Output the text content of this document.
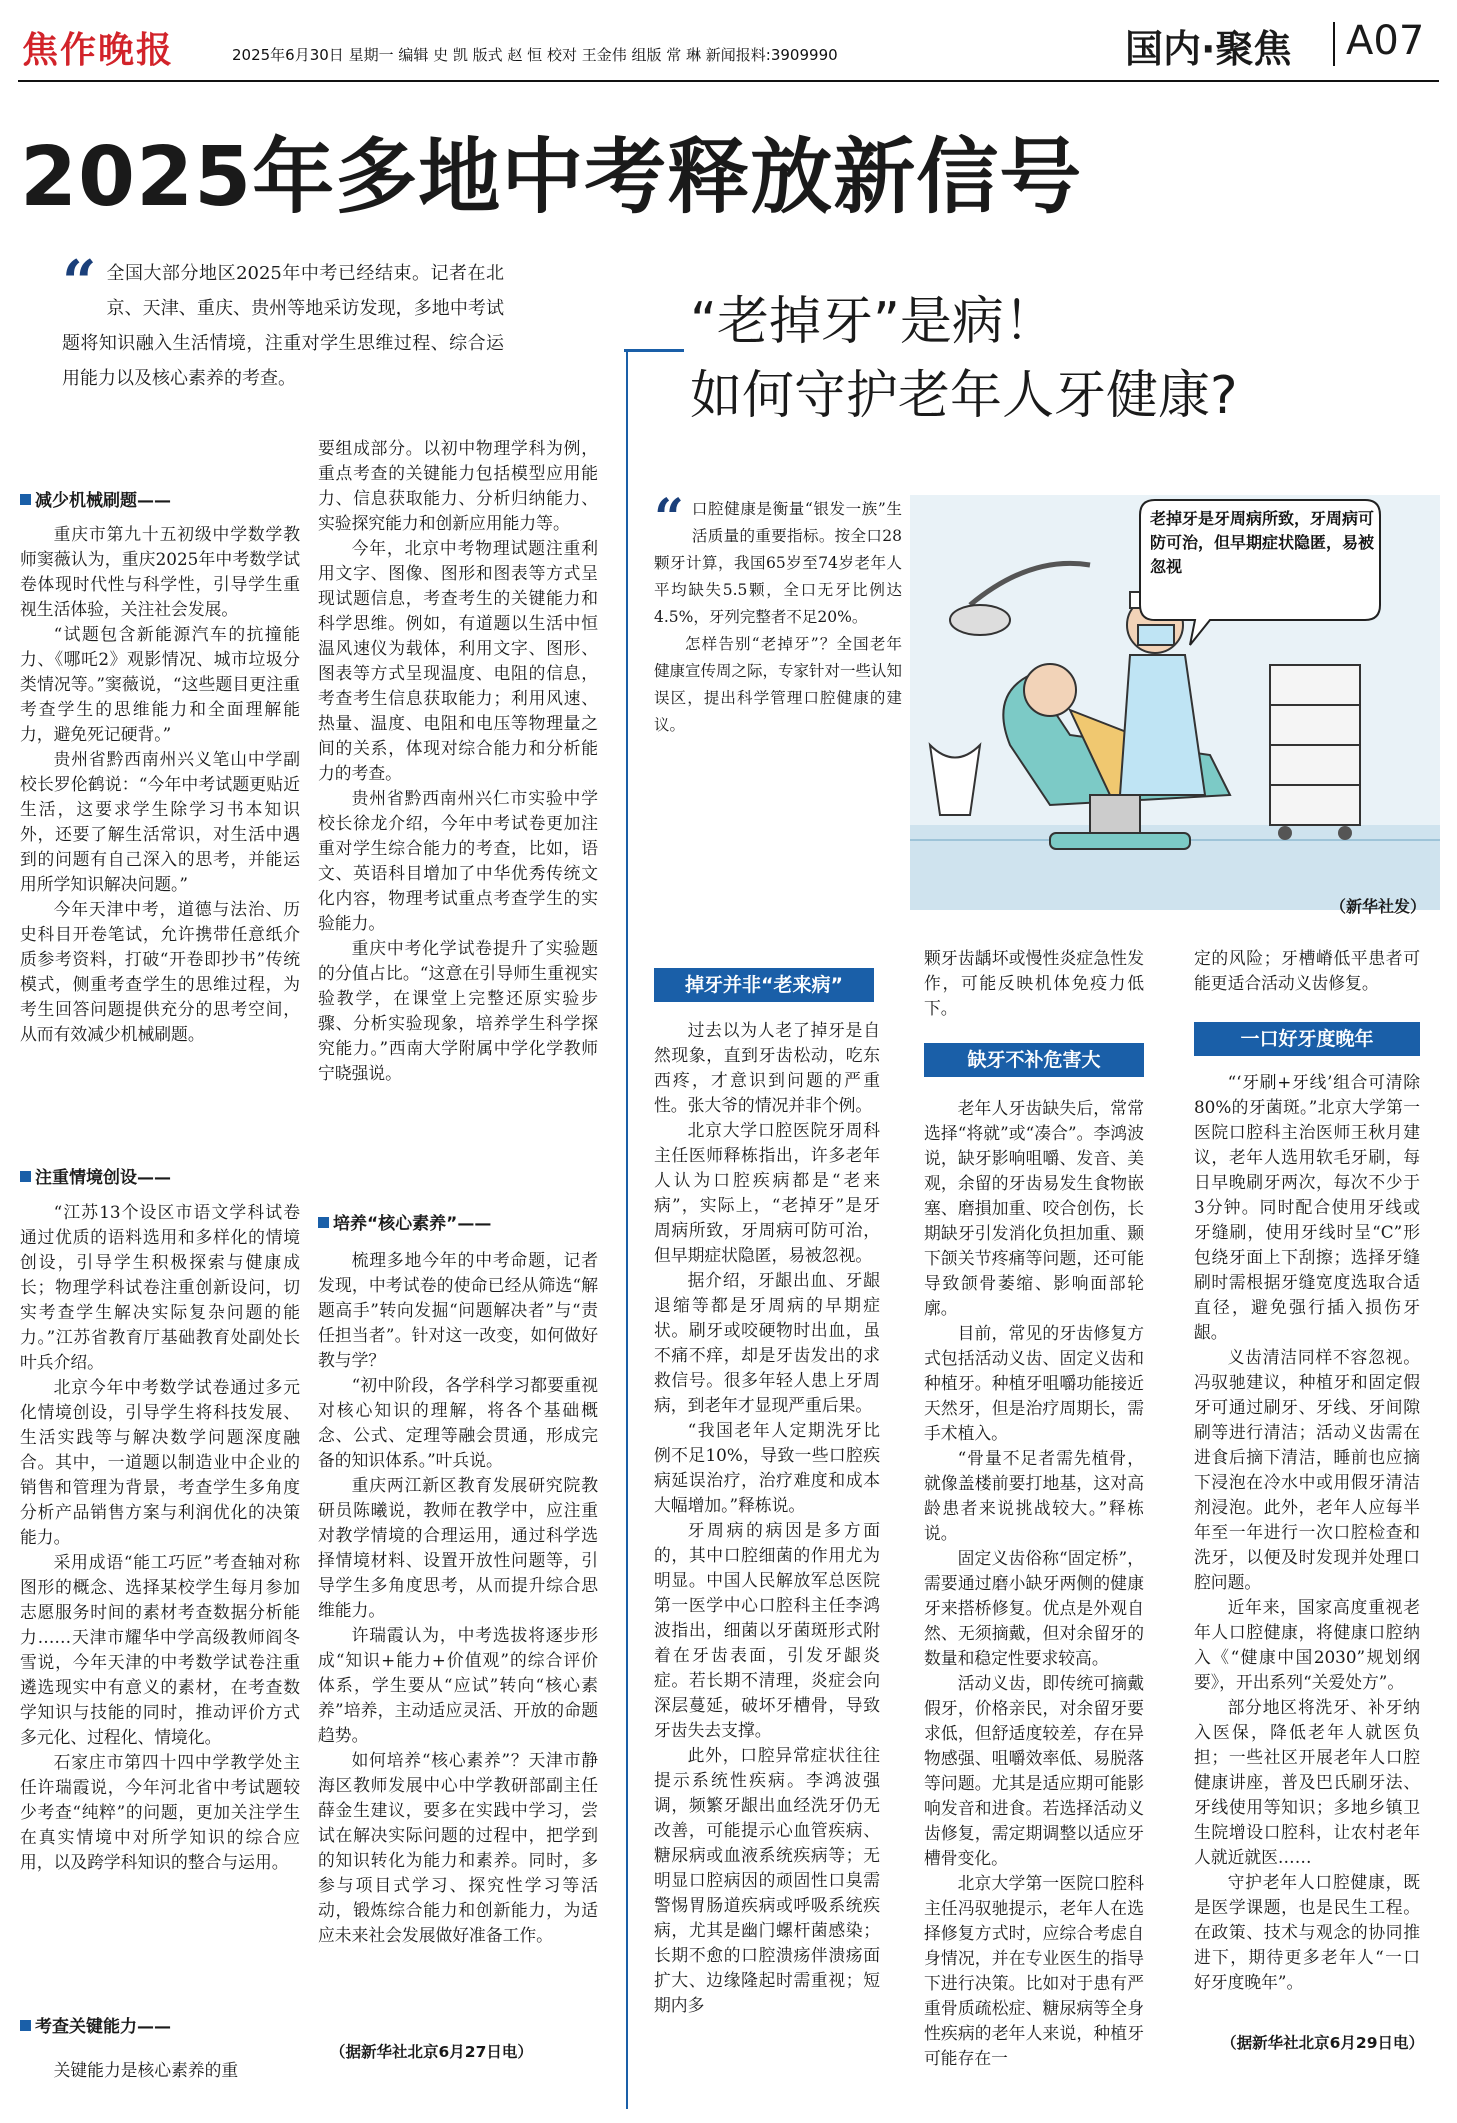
焦作晚报	2025年6月30日 星期一 编辑 史 凯 版式 赵 恒 校对 王金伟 组版 常 琳 新闻报料:3909990	国内·聚焦 A07
2025年多地中考释放新信号
“ 全国大部分地区2025年中考已经结束。记者在北京、天津、重庆、贵州等地采访发现，多地中考试题将知识融入生活情境，注重对学生思维过程、综合运用能力以及核心素养的考查。
减少机械刷题——

重庆市第九十五初级中学数学教师窦薇认为，重庆2025年中考数学试卷体现时代性与科学性，引导学生重视生活体验，关注社会发展。

“试题包含新能源汽车的抗撞能力、《哪吒2》观影情况、城市垃圾分类情况等。”窦薇说，“这些题目更注重考查学生的思维能力和全面理解能力，避免死记硬背。”

贵州省黔西南州兴义笔山中学副校长罗伦鹤说：“今年中考试题更贴近生活，这要求学生除学习书本知识外，还要了解生活常识，对生活中遇到的问题有自己深入的思考，并能运用所学知识解决问题。”

今年天津中考，道德与法治、历史科目开卷笔试，允许携带任意纸介质参考资料，打破“开卷即抄书”传统模式，侧重考查学生的思维过程，为考生回答问题提供充分的思考空间，从而有效减少机械刷题。

注重情境创设——

“江苏13个设区市语文学科试卷通过优质的语料选用和多样化的情境创设，引导学生积极探索与健康成长；物理学科试卷注重创新设问，切实考查学生解决实际复杂问题的能力。”江苏省教育厅基础教育处副处长叶兵介绍。

北京今年中考数学试卷通过多元化情境创设，引导学生将科技发展、生活实践等与解决数学问题深度融合。其中，一道题以制造业中企业的销售和管理为背景，考查学生多角度分析产品销售方案与利润优化的决策能力。

采用成语“能工巧匠”考查轴对称图形的概念、选择某校学生每月参加志愿服务时间的素材考查数据分析能力……天津市耀华中学高级教师阎冬雪说，今年天津的中考数学试卷注重遴选现实中有意义的素材，在考查数学知识与技能的同时，推动评价方式多元化、过程化、情境化。

石家庄市第四十四中学教学处主任许瑞霞说，今年河北省中考试题较少考查“纯粹”的问题，更加关注学生在真实情境中对所学知识的综合应用，以及跨学科知识的整合与运用。

考查关键能力——

关键能力是核心素养的重

要组成部分。以初中物理学科为例，重点考查的关键能力包括模型应用能力、信息获取能力、分析归纳能力、实验探究能力和创新应用能力等。

今年，北京中考物理试题注重利用文字、图像、图形和图表等方式呈现试题信息，考查考生的关键能力和科学思维。例如，有道题以生活中恒温风速仪为载体，利用文字、图形、图表等方式呈现温度、电阻的信息，考查考生信息获取能力；利用风速、热量、温度、电阻和电压等物理量之间的关系，体现对综合能力和分析能力的考查。

贵州省黔西南州兴仁市实验中学校长徐龙介绍，今年中考试卷更加注重对学生综合能力的考查，比如，语文、英语科目增加了中华优秀传统文化内容，物理考试重点考查学生的实验能力。

重庆中考化学试卷提升了实验题的分值占比。“这意在引导师生重视实验教学，在课堂上完整还原实验步骤、分析实验现象，培养学生科学探究能力。”西南大学附属中学化学教师宁晓强说。

培养“核心素养”——

梳理多地今年的中考命题，记者发现，中考试卷的使命已经从筛选“解题高手”转向发掘“问题解决者”与“责任担当者”。针对这一改变，如何做好教与学？

“初中阶段，各学科学习都要重视对核心知识的理解，将各个基础概念、公式、定理等融会贯通，形成完备的知识体系。”叶兵说。

重庆两江新区教育发展研究院教研员陈曦说，教师在教学中，应注重对教学情境的合理运用，通过科学选择情境材料、设置开放性问题等，引导学生多角度思考，从而提升综合思维能力。

许瑞霞认为，中考选拔将逐步形成“知识+能力+价值观”的综合评价体系，学生要从“应试”转向“核心素养”培养，主动适应灵活、开放的命题趋势。

如何培养“核心素养”？天津市静海区教师发展中心中学教研部副主任薛金生建议，要多在实践中学习，尝试在解决实际问题的过程中，把学到的知识转化为能力和素养。同时，多参与项目式学习、探究性学习等活动，锻炼综合能力和创新能力，为适应未来社会发展做好准备工作。

（据新华社北京6月27日电）
“老掉牙”是病！
如何守护老年人牙健康?
“ 口腔健康是衡量“银发一族”生活质量的重要指标。按全口28颗牙计算，我国65岁至74岁老年人平均缺失5.5颗，全口无牙比例达4.5%，牙列完整者不足20%。
怎样告别“老掉牙”？全国老年健康宣传周之际，专家针对一些认知误区，提出科学管理口腔健康的建议。
老掉牙是牙周病所致，牙周病可防可治，但早期症状隐匿，易被忽视
（新华社发）
掉牙并非“老来病”

过去以为人老了掉牙是自然现象，直到牙齿松动，吃东西疼，才意识到问题的严重性。张大爷的情况并非个例。

北京大学口腔医院牙周科主任医师释栋指出，许多老年人认为口腔疾病都是“老来病”，实际上，“老掉牙”是牙周病所致，牙周病可防可治，但早期症状隐匿，易被忽视。

据介绍，牙龈出血、牙龈退缩等都是牙周病的早期症状。刷牙或咬硬物时出血，虽不痛不痒，却是牙齿发出的求救信号。很多年轻人患上牙周病，到老年才显现严重后果。

“我国老年人定期洗牙比例不足10%，导致一些口腔疾病延误治疗，治疗难度和成本大幅增加。”释栋说。

牙周病的病因是多方面的，其中口腔细菌的作用尤为明显。中国人民解放军总医院第一医学中心口腔科主任李鸿波指出，细菌以牙菌斑形式附着在牙齿表面，引发牙龈炎症。若长期不清理，炎症会向深层蔓延，破坏牙槽骨，导致牙齿失去支撑。

此外，口腔异常症状往往提示系统性疾病。李鸿波强调，频繁牙龈出血经洗牙仍无改善，可能提示心血管疾病、糖尿病或血液系统疾病等；无明显口腔病因的顽固性口臭需警惕胃肠道疾病或呼吸系统疾病，尤其是幽门螺杆菌感染；长期不愈的口腔溃疡伴溃疡面扩大、边缘隆起时需重视；短期内多

颗牙齿龋坏或慢性炎症急性发作，可能反映机体免疫力低下。

缺牙不补危害大

老年人牙齿缺失后，常常选择“将就”或“凑合”。李鸿波说，缺牙影响咀嚼、发音、美观，余留的牙齿易发生食物嵌塞、磨損加重、咬合创伤，长期缺牙引发消化负担加重、颞下颌关节疼痛等问题，还可能导致颌骨萎缩、影响面部轮廓。

目前，常见的牙齿修复方式包括活动义齿、固定义齿和种植牙。种植牙咀嚼功能接近天然牙，但是治疗周期长，需手术植入。

“骨量不足者需先植骨，就像盖楼前要打地基，这对高龄患者来说挑战较大。”释栋说。

固定义齿俗称“固定桥”，需要通过磨小缺牙两侧的健康牙来搭桥修复。优点是外观自然、无须摘戴，但对余留牙的数量和稳定性要求较高。

活动义齿，即传统可摘戴假牙，价格亲民，对余留牙要求低，但舒适度较差，存在异物感强、咀嚼效率低、易脱落等问题。尤其是适应期可能影响发音和进食。若选择活动义齿修复，需定期调整以适应牙槽骨变化。

北京大学第一医院口腔科主任冯驭驰提示，老年人在选择修复方式时，应综合考虑自身情况，并在专业医生的指导下进行决策。比如对于患有严重骨质疏松症、糖尿病等全身性疾病的老年人来说，种植牙可能存在一

定的风险；牙槽嵴低平患者可能更适合活动义齿修复。

一口好牙度晚年

“‘牙刷+牙线’组合可清除80%的牙菌斑。”北京大学第一医院口腔科主治医师王秋月建议，老年人选用软毛牙刷，每日早晚刷牙两次，每次不少于3分钟。同时配合使用牙线或牙缝刷，使用牙线时呈“C”形包绕牙面上下刮擦；选择牙缝刷时需根据牙缝宽度选取合适直径，避免强行插入损伤牙龈。

义齿清洁同样不容忽视。冯驭驰建议，种植牙和固定假牙可通过刷牙、牙线、牙间隙刷等进行清洁；活动义齿需在进食后摘下清洁，睡前也应摘下浸泡在冷水中或用假牙清洁剂浸泡。此外，老年人应每半年至一年进行一次口腔检查和洗牙，以便及时发现并处理口腔问题。

近年来，国家高度重视老年人口腔健康，将健康口腔纳入《“健康中国2030”规划纲要》，开出系列“关爱处方”。

部分地区将洗牙、补牙纳入医保，降低老年人就医负担；一些社区开展老年人口腔健康讲座，普及巴氏刷牙法、牙线使用等知识；多地乡镇卫生院增设口腔科，让农村老年人就近就医……

守护老年人口腔健康，既是医学课题，也是民生工程。在政策、技术与观念的协同推进下，期待更多老年人“一口好牙度晚年”。

（据新华社北京6月29日电）
